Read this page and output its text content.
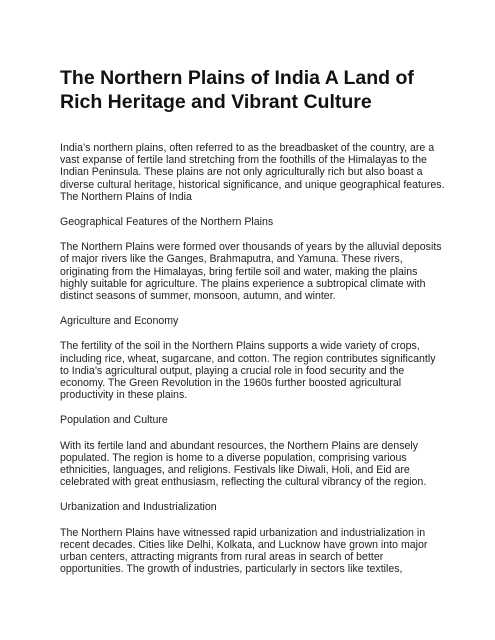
The Northern Plains of India A Land of Rich Heritage and Vibrant Culture

India’s northern plains, often referred to as the breadbasket of the country, are a vast expanse of fertile land stretching from the foothills of the Himalayas to the Indian Peninsula. These plains are not only agriculturally rich but also boast a diverse cultural heritage, historical significance, and unique geographical features. The Northern Plains of India

Geographical Features of the Northern Plains

The Northern Plains were formed over thousands of years by the alluvial deposits of major rivers like the Ganges, Brahmaputra, and Yamuna. These rivers, originating from the Himalayas, bring fertile soil and water, making the plains highly suitable for agriculture. The plains experience a subtropical climate with distinct seasons of summer, monsoon, autumn, and winter.

Agriculture and Economy

The fertility of the soil in the Northern Plains supports a wide variety of crops, including rice, wheat, sugarcane, and cotton. The region contributes significantly to India’s agricultural output, playing a crucial role in food security and the economy. The Green Revolution in the 1960s further boosted agricultural productivity in these plains.

Population and Culture

With its fertile land and abundant resources, the Northern Plains are densely populated. The region is home to a diverse population, comprising various ethnicities, languages, and religions. Festivals like Diwali, Holi, and Eid are celebrated with great enthusiasm, reflecting the cultural vibrancy of the region.

Urbanization and Industrialization

The Northern Plains have witnessed rapid urbanization and industrialization in recent decades. Cities like Delhi, Kolkata, and Lucknow have grown into major urban centers, attracting migrants from rural areas in search of better opportunities. The growth of industries, particularly in sectors like textiles,
